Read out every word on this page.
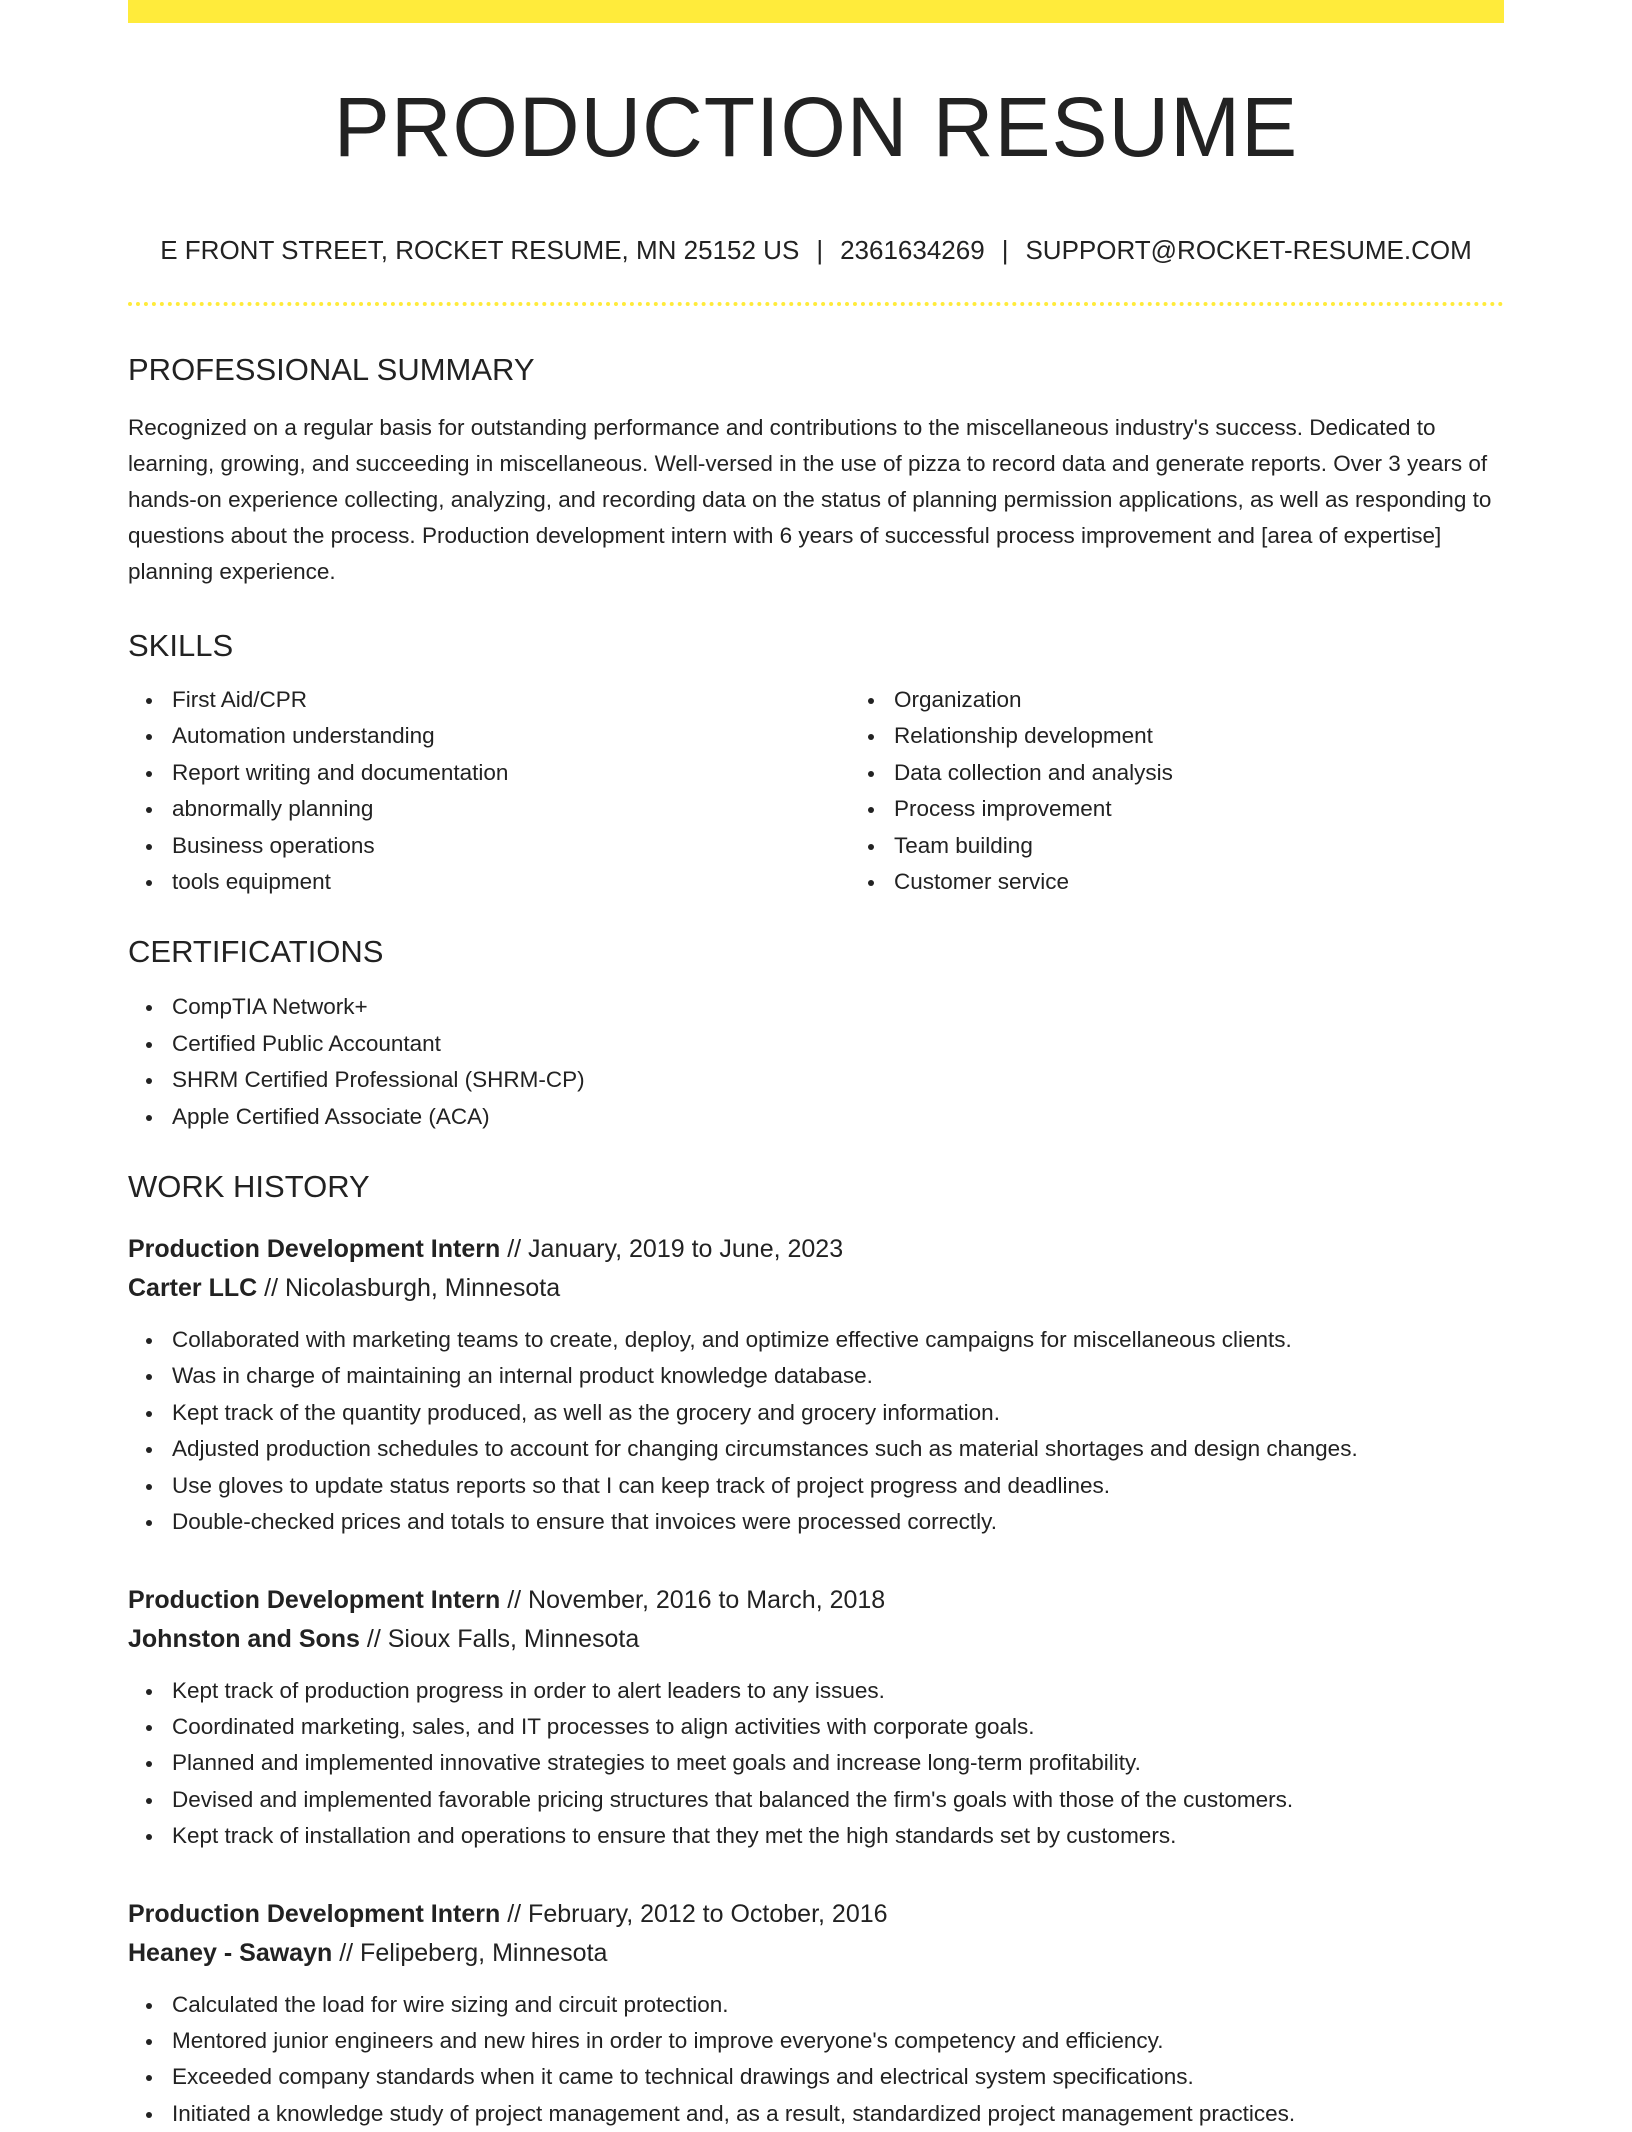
PRODUCTION RESUME
E FRONT STREET, ROCKET RESUME, MN 25152 US | 2361634269 | SUPPORT@ROCKET-RESUME.COM
PROFESSIONAL SUMMARY
Recognized on a regular basis for outstanding performance and contributions to the miscellaneous industry's success. Dedicated to learning, growing, and succeeding in miscellaneous. Well-versed in the use of pizza to record data and generate reports. Over 3 years of hands-on experience collecting, analyzing, and recording data on the status of planning permission applications, as well as responding to questions about the process. Production development intern with 6 years of successful process improvement and [area of expertise] planning experience.
SKILLS
First Aid/CPR
Automation understanding
Report writing and documentation
abnormally planning
Business operations
tools equipment
Organization
Relationship development
Data collection and analysis
Process improvement
Team building
Customer service
CERTIFICATIONS
CompTIA Network+
Certified Public Accountant
SHRM Certified Professional (SHRM-CP)
Apple Certified Associate (ACA)
WORK HISTORY
Production Development Intern // January, 2019 to June, 2023
Carter LLC // Nicolasburgh, Minnesota
Collaborated with marketing teams to create, deploy, and optimize effective campaigns for miscellaneous clients.
Was in charge of maintaining an internal product knowledge database.
Kept track of the quantity produced, as well as the grocery and grocery information.
Adjusted production schedules to account for changing circumstances such as material shortages and design changes.
Use gloves to update status reports so that I can keep track of project progress and deadlines.
Double-checked prices and totals to ensure that invoices were processed correctly.
Production Development Intern // November, 2016 to March, 2018
Johnston and Sons // Sioux Falls, Minnesota
Kept track of production progress in order to alert leaders to any issues.
Coordinated marketing, sales, and IT processes to align activities with corporate goals.
Planned and implemented innovative strategies to meet goals and increase long-term profitability.
Devised and implemented favorable pricing structures that balanced the firm's goals with those of the customers.
Kept track of installation and operations to ensure that they met the high standards set by customers.
Production Development Intern // February, 2012 to October, 2016
Heaney - Sawayn // Felipeberg, Minnesota
Calculated the load for wire sizing and circuit protection.
Mentored junior engineers and new hires in order to improve everyone's competency and efficiency.
Exceeded company standards when it came to technical drawings and electrical system specifications.
Initiated a knowledge study of project management and, as a result, standardized project management practices.
